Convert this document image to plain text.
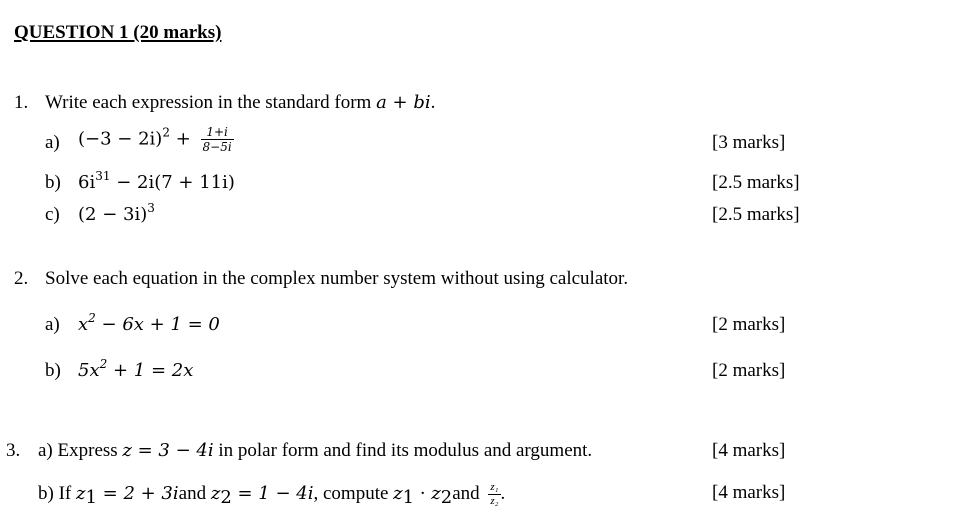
QUESTION 1 (20 marks)
1. Write each expression in the standard form a + bi.
a) $(-3 - 2i)^2 + \frac{1+i}{8-5i}$	[3 marks]
b) $6i^{31} - 2i(7 + 11i)$	[2.5 marks]
c) $(2 - 3i)^3$	[2.5 marks]
2. Solve each equation in the complex number system without using calculator.
a) $x^2 - 6x + 1 = 0$	[2 marks]
b) $5x^2 + 1 = 2x$	[2 marks]
3. a) Express z = 3 − 4i in polar form and find its modulus and argument.	[4 marks]
b) If $z_1 = 2$ + 3iand $z_2 = 1 - 4i$, compute $z_1 \cdot z_2and \frac{\text{z₁}}{\text{z₂}}$ .	[4 marks]
